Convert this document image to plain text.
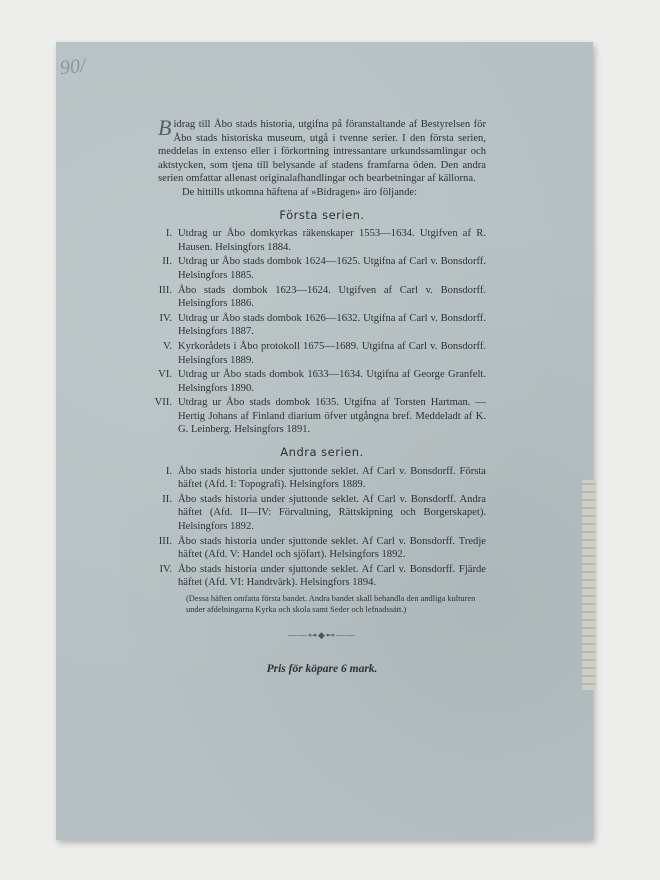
90/

Bidrag till Åbo stads historia, utgifna på föranstaltande af Bestyrelsen för Åbo stads historiska museum, utgå i tvenne serier. I den första serien, meddelas in extenso eller i förkortning intressantare urkundssamlingar och aktstycken, som tjena till belysande af stadens framfarna öden. Den andra serien omfattar allenast originalafhandlingar och bearbetningar af källorna.

De hittills utkomna häftena af »Bidragen» äro följande:

Första serien.
I. Utdrag ur Åbo domkyrkas räkenskaper 1553—1634. Utgifven af R. Hausen. Helsingfors 1884.
II. Utdrag ur Åbo stads dombok 1624—1625. Utgifna af Carl v. Bonsdorff. Helsingfors 1885.
III. Åbo stads dombok 1623—1624. Utgifven af Carl v. Bonsdorff. Helsingfors 1886.
IV. Utdrag ur Åbo stads dombok 1626—1632. Utgifna af Carl v. Bonsdorff. Helsingfors 1887.
V. Kyrkorådets i Åbo protokoll 1675—1689. Utgifna af Carl v. Bonsdorff. Helsingfors 1889.
VI. Utdrag ur Åbo stads dombok 1633—1634. Utgifna af George Granfelt. Helsingfors 1890.
VII. Utdrag ur Åbo stads dombok 1635. Utgifna af Torsten Hartman. — Hertig Johans af Finland diarium öfver utgångna bref. Meddeladt af K. G. Leinberg. Helsingfors 1891.
Andra serien.
I. Åbo stads historia under sjuttonde seklet. Af Carl v. Bonsdorff. Första häftet (Afd. I: Topografi). Helsingfors 1889.
II. Åbo stads historia under sjuttonde seklet. Af Carl v. Bonsdorff. Andra häftet (Afd. II—IV: Förvaltning, Rättskipning och Borgerskapet). Helsingfors 1892.
III. Åbo stads historia under sjuttonde seklet. Af Carl v. Bonsdorff. Tredje häftet (Afd. V: Handel och sjöfart). Helsingfors 1892.
IV. Åbo stads historia under sjuttonde seklet. Af Carl v. Bonsdorff. Fjärde häftet (Afd. VI: Handtvärk). Helsingfors 1894.
(Dessa häften omfatta första bandet. Andra bandet skall behandla den andliga kulturen under afdelningarna Kyrka och skola samt Seder och lefnadssätt.)
——⊶◆⊷——
Pris för köpare 6 mark.
